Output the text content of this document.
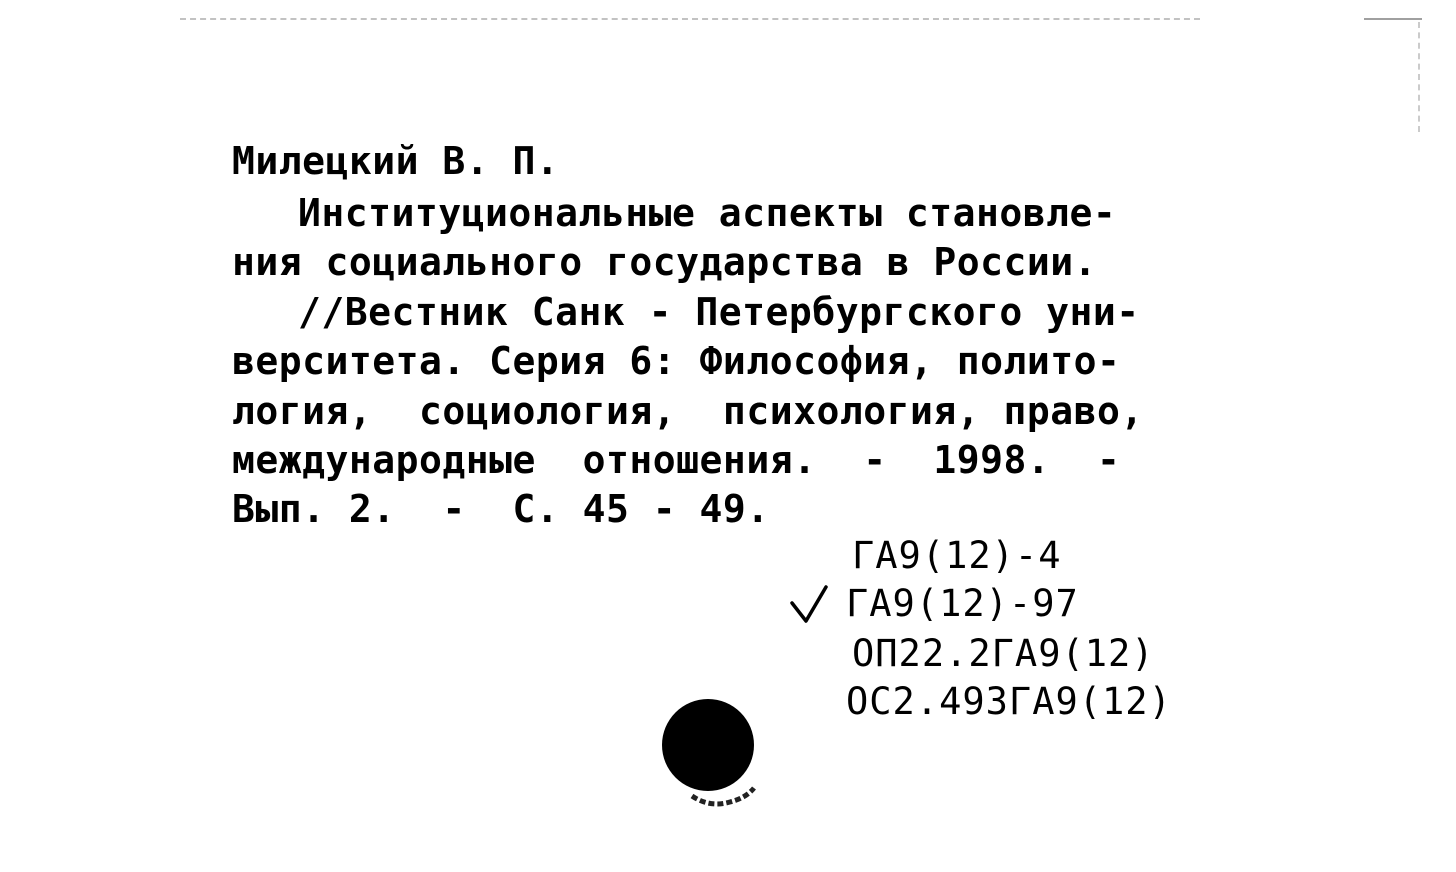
Милецкий В. П.
Институциональные аспекты становле-
ния социального государства в России.
//Вестник Санк - Петербургского уни-
верситета. Серия 6: Философия, полито-
логия,  социология,  психология, право,
международные  отношения.  -  1998.  -
Вып. 2.  -  С. 45 - 49.
ГА9(12)-4
ГА9(12)-97
ОП22.2ГА9(12)
ОС2.493ГА9(12)
